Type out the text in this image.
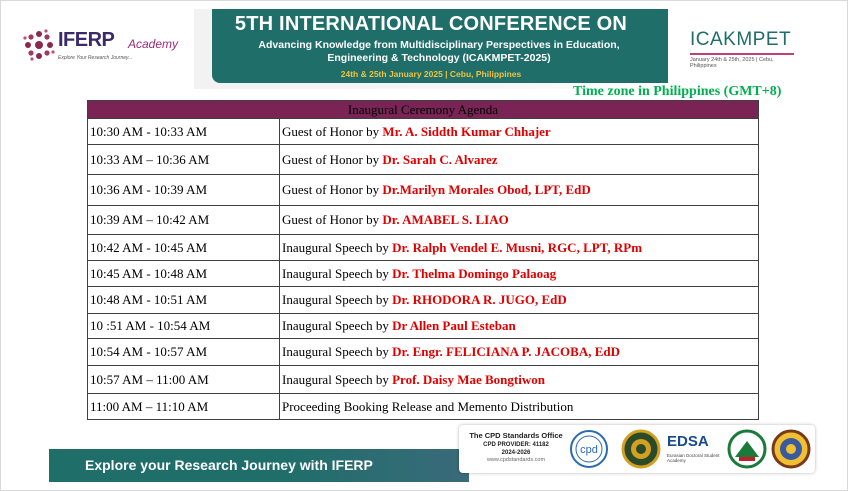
IFERP Academy
Explore Your Research Journey...
5TH INTERNATIONAL CONFERENCE ON
Advancing Knowledge from Multidisciplinary Perspectives in Education,
Engineering & Technology (ICAKMPET-2025)
24th & 25th January 2025 | Cebu, Philippines
ICAKMPET
January 24th & 25th, 2025 | Cebu, Philippines
Time zone in Philippines (GMT+8)
Inaugural Ceremony Agenda	
10:30 AM - 10:33 AM	Guest of Honor by Mr. A. Siddth Kumar Chhajer
10:33 AM – 10:36 AM	Guest of Honor by Dr. Sarah C. Alvarez
10:36 AM - 10:39 AM	Guest of Honor by Dr.Marilyn Morales Obod, LPT, EdD
10:39 AM – 10:42 AM	Guest of Honor by Dr. AMABEL S. LIAO
10:42 AM - 10:45 AM	Inaugural Speech by Dr. Ralph Vendel E. Musni, RGC, LPT, RPm
10:45 AM - 10:48 AM	Inaugural Speech by Dr. Thelma Domingo Palaoag
10:48 AM - 10:51 AM	Inaugural Speech by Dr. RHODORA R. JUGO, EdD
10 :51 AM - 10:54 AM	Inaugural Speech by Dr Allen Paul Esteban
10:54 AM - 10:57 AM	Inaugural Speech by Dr. Engr. FELICIANA P. JACOBA, EdD
10:57 AM – 11:00 AM	Inaugural Speech by Prof. Daisy Mae Bongtiwon
11:00 AM – 11:10 AM	Proceeding Booking Release and Memento Distribution
Explore your Research Journey with IFERP
The CPD Standards Office
CPD PROVIDER: 41182
2024-2026
www.cpdstandards.com
cpd	EDSA
Eurasian Doctoral Student Academy
